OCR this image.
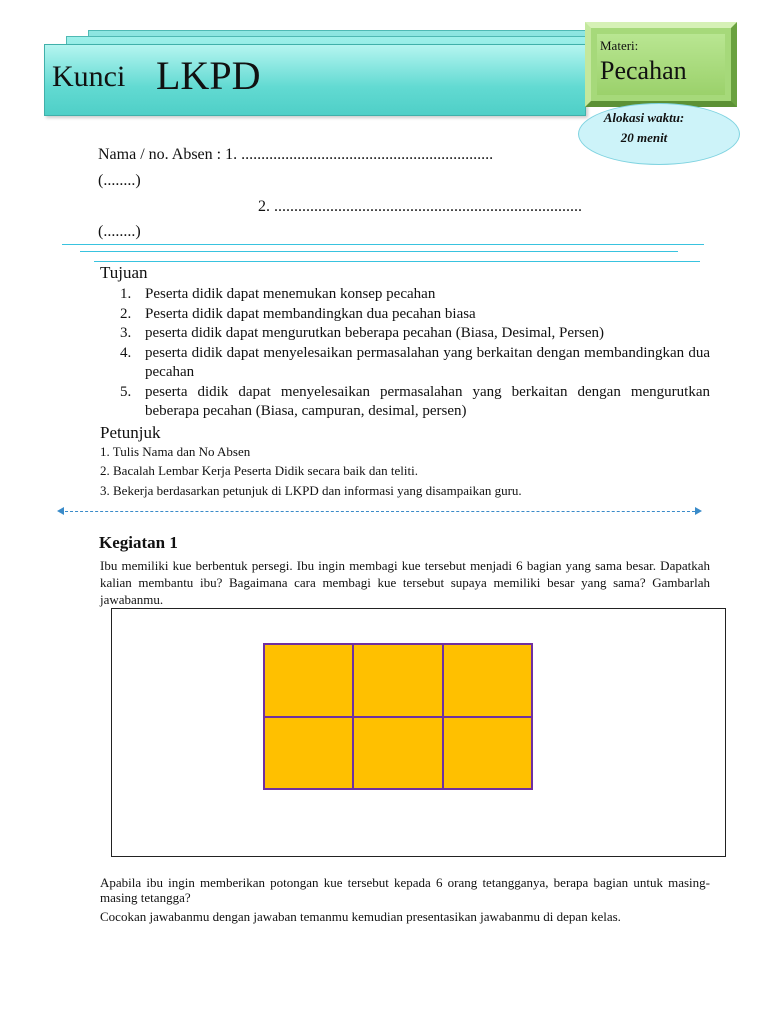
Kunci LKPD
Materi:
Pecahan
Alokasi waktu:
20 menit
Nama / no. Absen : 1. ...............................................................
(........)
2. .............................................................................
(........)
Tujuan
1. Peserta didik dapat menemukan konsep pecahan
2. Peserta didik dapat membandingkan dua pecahan biasa
3. peserta didik dapat mengurutkan beberapa pecahan (Biasa, Desimal, Persen)
4. peserta didik dapat menyelesaikan permasalahan yang berkaitan dengan membandingkan dua pecahan
5. peserta didik dapat menyelesaikan permasalahan yang berkaitan dengan mengurutkan beberapa pecahan (Biasa, campuran, desimal, persen)
Petunjuk
1. Tulis Nama dan No Absen
2. Bacalah Lembar Kerja Peserta Didik secara baik dan teliti.
3. Bekerja berdasarkan petunjuk di LKPD dan informasi yang disampaikan guru.
Kegiatan 1
Ibu memiliki kue berbentuk persegi. Ibu ingin membagi kue tersebut menjadi 6 bagian yang sama besar. Dapatkah kalian membantu ibu? Bagaimana cara membagi kue tersebut supaya memiliki besar yang sama? Gambarlah jawabanmu.
Apabila ibu ingin memberikan potongan kue tersebut kepada 6 orang tetangganya, berapa bagian untuk masing-masing tetangga?
Cocokan jawabanmu dengan jawaban temanmu kemudian presentasikan jawabanmu di depan kelas.
